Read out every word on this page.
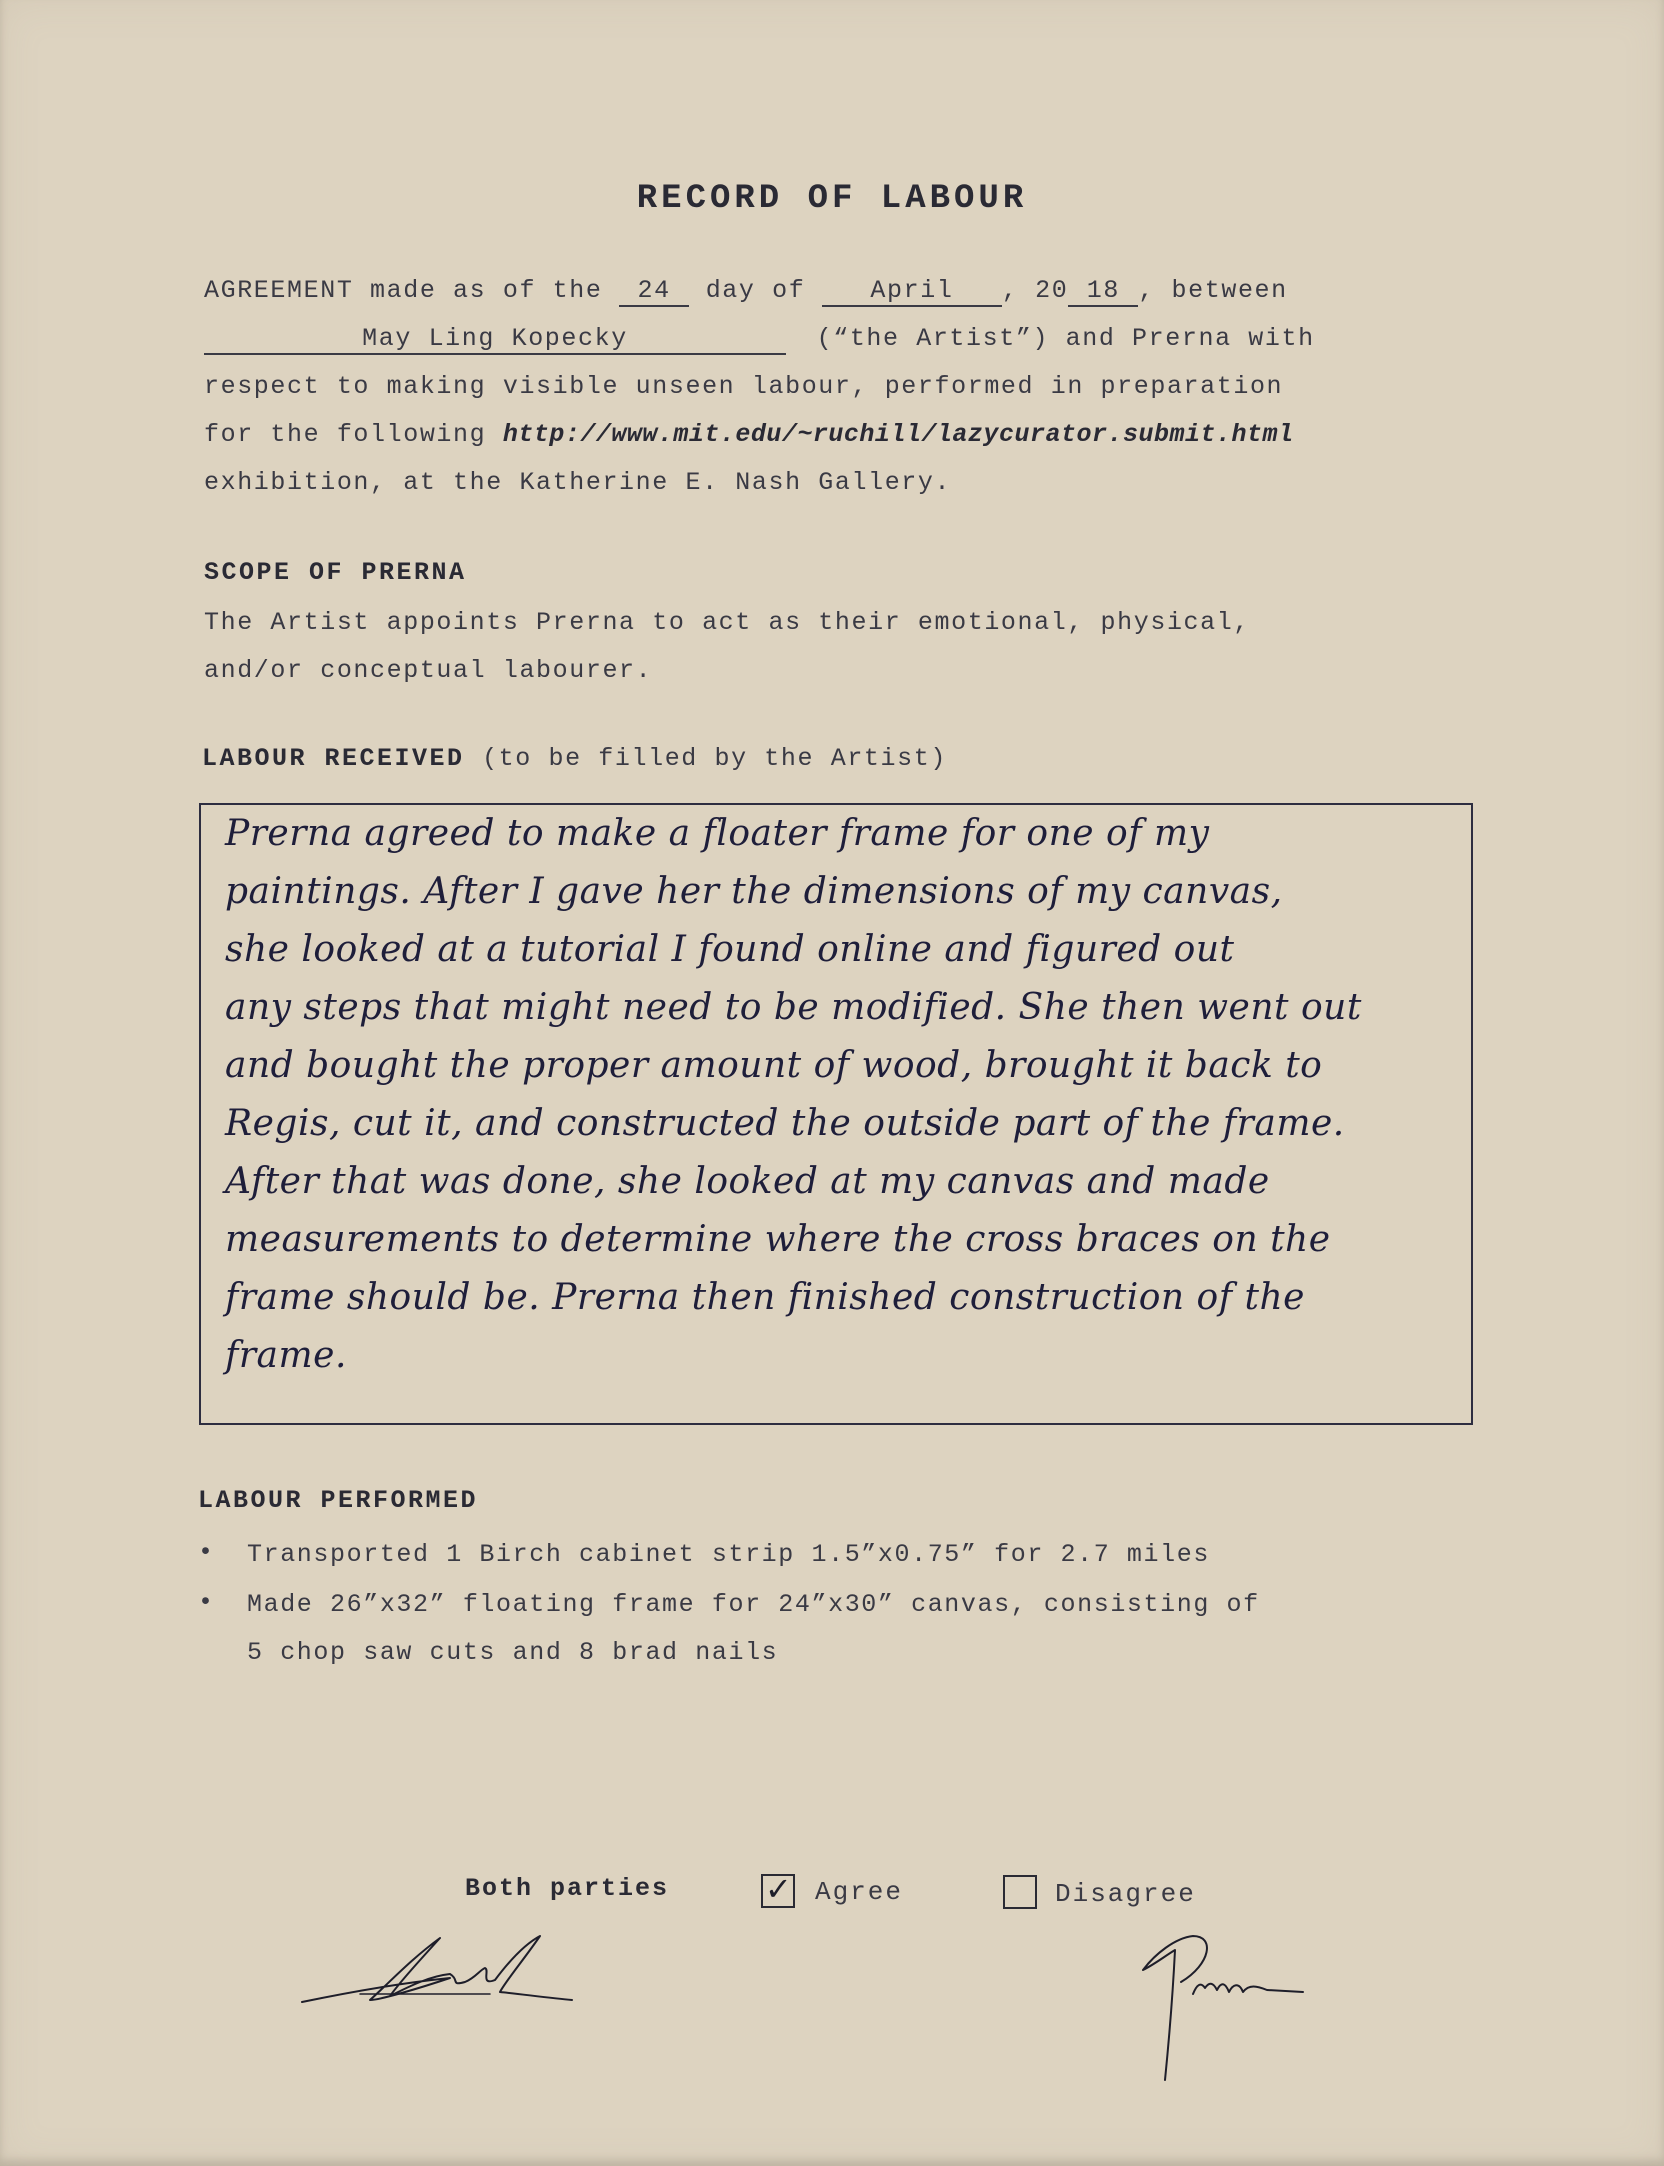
RECORD OF LABOUR
AGREEMENT made as of the 24 day of	April , 20 18 , between
May Ling Kopecky	(“the Artist”) and Prerna with
respect to making visible unseen labour, performed in preparation
for the following http://www.mit.edu/~ruchill/lazycurator.submit.html
exhibition, at the Katherine E. Nash Gallery.
SCOPE OF PRERNA
The Artist appoints Prerna to act as their emotional, physical,
and/or conceptual labourer.
LABOUR RECEIVED (to be filled by the Artist)
Prerna agreed to make a floater frame for one of my
paintings. After I gave her the dimensions of my canvas,
she looked at a tutorial I found online and figured out
any steps that might need to be modified. She then went out
and bought the proper amount of wood, brought it back to
Regis, cut it, and constructed the outside part of the frame.
After that was done, she looked at my canvas and made
measurements to determine where the cross braces on the
frame should be. Prerna then finished construction of the
frame.
LABOUR PERFORMED
• Transported 1 Birch cabinet strip 1.5”x0.75” for 2.7 miles
• Made 26”x32” floating frame for 24”x30” canvas, consisting of
5 chop saw cuts and 8 brad nails
Both parties	✓ Agree	Disagree
